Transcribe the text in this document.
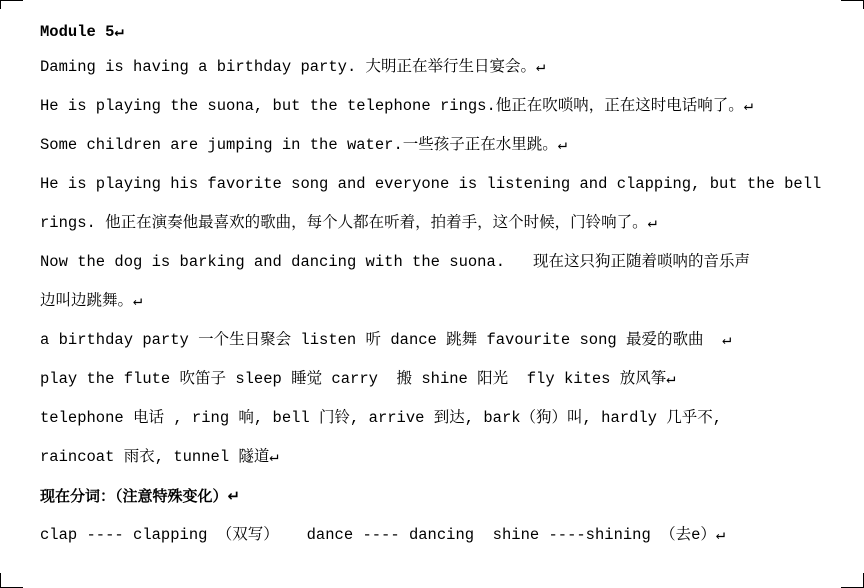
Module 5↵
Daming is having a birthday party. 大明正在举行生日宴会。↵
He is playing the suona, but the telephone rings.他正在吹唢呐，正在这时电话响了。↵
Some children are jumping in the water.一些孩子正在水里跳。↵
He is playing his favorite song and everyone is listening and clapping, but the bell
rings. 他正在演奏他最喜欢的歌曲，每个人都在听着，拍着手，这个时候，门铃响了。↵
Now the dog is barking and dancing with the suona.   现在这只狗正随着唢呐的音乐声
边叫边跳舞。↵
a birthday party 一个生日聚会 listen 听 dance 跳舞 favourite song 最爱的歌曲  ↵
play the flute 吹笛子 sleep 睡觉 carry  搬 shine 阳光  fly kites 放风筝↵
telephone 电话 , ring 响, bell 门铃, arrive 到达, bark（狗）叫, hardly 几乎不,
raincoat 雨衣, tunnel 隧道↵
现在分词：（注意特殊变化）↵
clap ---- clapping （双写）   dance ---- dancing  shine ----shining （去e）↵
